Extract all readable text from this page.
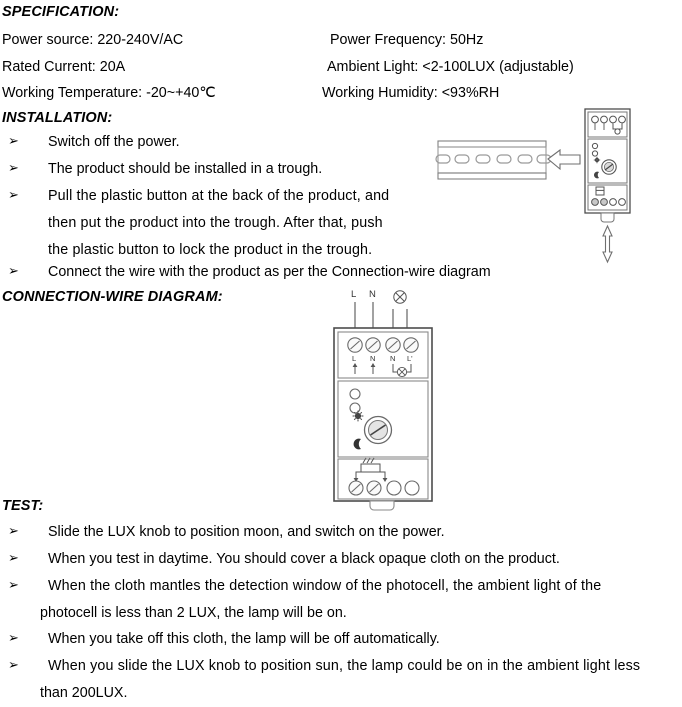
SPECIFICATION:
Power source: 220-240V/AC	Power Frequency: 50Hz
Rated Current: 20A	Ambient Light: <2-100LUX (adjustable)
Working Temperature: -20~+40℃	Working Humidity: <93%RH
INSTALLATION:
➢ Switch off the power.
➢ The product should be installed in a trough.
➢ Pull the plastic button at the back of the product, and
then put the product into the trough. After that, push
the plastic button to lock the product in the trough.
➢ Connect the wire with the product as per the Connection-wire diagram
CONNECTION-WIRE DIAGRAM:	L N
L N N L'
TEST:
➢ Slide the LUX knob to position moon, and switch on the power.
➢ When you test in daytime. You should cover a black opaque cloth on the product.
➢ When the cloth mantles the detection window of the photocell, the ambient light of the
photocell is less than 2 LUX, the lamp will be on.
➢ When you take off this cloth, the lamp will be off automatically.
➢ When you slide the LUX knob to position sun, the lamp could be on in the ambient light less
than 200LUX.
